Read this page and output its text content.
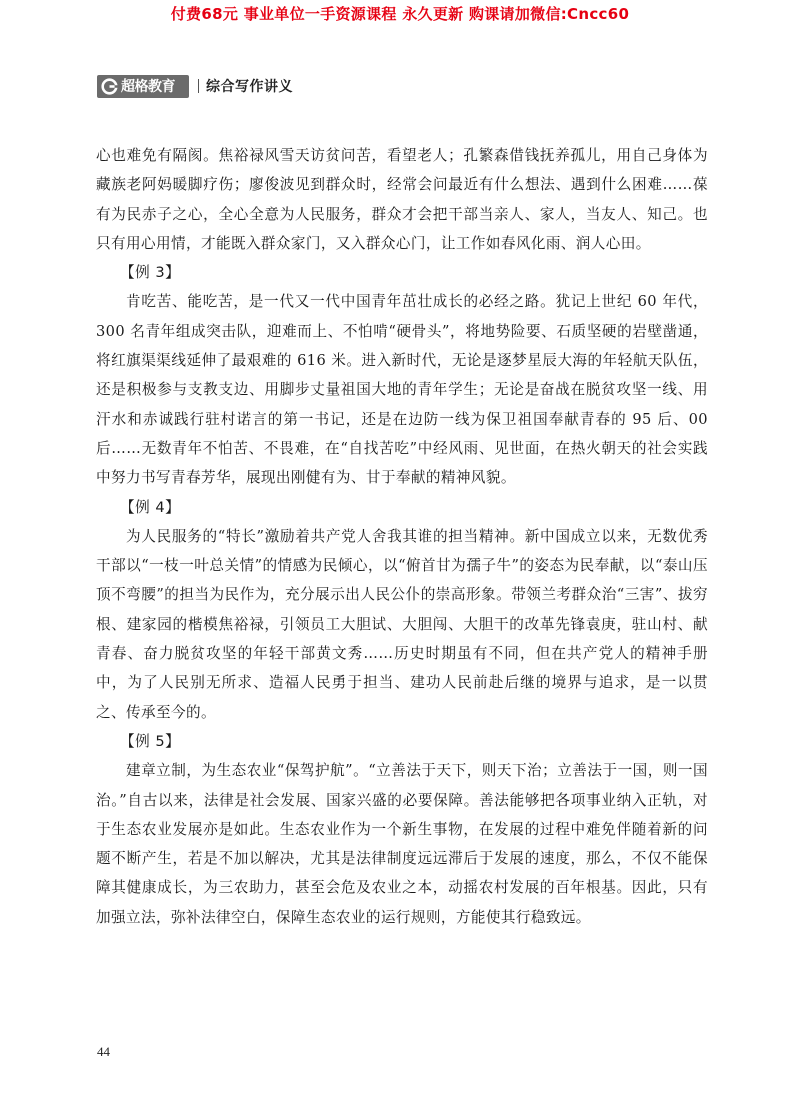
付费68元 事业单位一手资源课程 永久更新 购课请加微信:Cncc60
超格教育 综合写作讲义

心也难免有隔阂。焦裕禄风雪天访贫问苦，看望老人；孔繁森借钱抚养孤儿，用自己身体为藏族老阿妈暖脚疗伤；廖俊波见到群众时，经常会问最近有什么想法、遇到什么困难……葆有为民赤子之心，全心全意为人民服务，群众才会把干部当亲人、家人，当友人、知己。也只有用心用情，才能既入群众家门，又入群众心门，让工作如春风化雨、润人心田。

【例 3】

肯吃苦、能吃苦，是一代又一代中国青年茁壮成长的必经之路。犹记上世纪 60 年代，300 名青年组成突击队，迎难而上、不怕啃“硬骨头”，将地势险要、石质坚硬的岩壁凿通，将红旗渠渠线延伸了最艰难的 616 米。进入新时代，无论是逐梦星辰大海的年轻航天队伍，还是积极参与支教支边、用脚步丈量祖国大地的青年学生；无论是奋战在脱贫攻坚一线、用汗水和赤诚践行驻村诺言的第一书记，还是在边防一线为保卫祖国奉献青春的 95 后、00 后……无数青年不怕苦、不畏难，在“自找苦吃”中经风雨、见世面，在热火朝天的社会实践中努力书写青春芳华，展现出刚健有为、甘于奉献的精神风貌。

【例 4】

为人民服务的“特长”激励着共产党人舍我其谁的担当精神。新中国成立以来，无数优秀干部以“一枝一叶总关情”的情感为民倾心，以“俯首甘为孺子牛”的姿态为民奉献，以“泰山压顶不弯腰”的担当为民作为，充分展示出人民公仆的崇高形象。带领兰考群众治“三害”、拔穷根、建家园的楷模焦裕禄，引领员工大胆试、大胆闯、大胆干的改革先锋袁庚，驻山村、献青春、奋力脱贫攻坚的年轻干部黄文秀……历史时期虽有不同，但在共产党人的精神手册中，为了人民别无所求、造福人民勇于担当、建功人民前赴后继的境界与追求，是一以贯之、传承至今的。

【例 5】

建章立制，为生态农业“保驾护航”。“立善法于天下，则天下治；立善法于一国，则一国治。”自古以来，法律是社会发展、国家兴盛的必要保障。善法能够把各项事业纳入正轨，对于生态农业发展亦是如此。生态农业作为一个新生事物，在发展的过程中难免伴随着新的问题不断产生，若是不加以解决，尤其是法律制度远远滞后于发展的速度，那么，不仅不能保障其健康成长，为三农助力，甚至会危及农业之本，动摇农村发展的百年根基。因此，只有加强立法，弥补法律空白，保障生态农业的运行规则，方能使其行稳致远。

44
